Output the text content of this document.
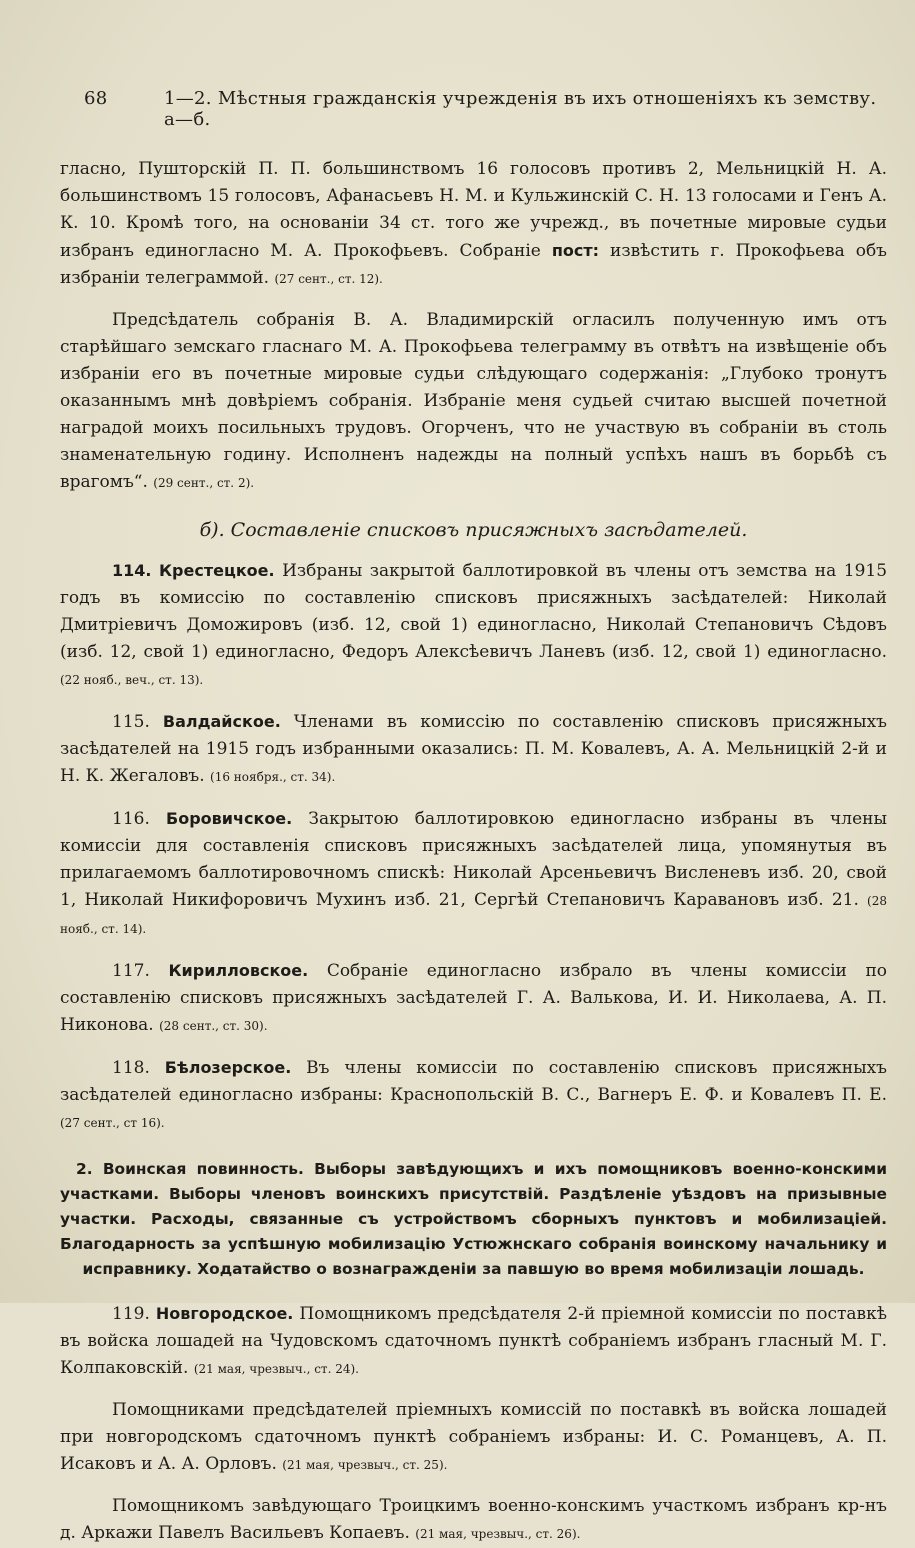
68	1—2. Мѣстныя гражданскія учрежденія въ ихъ отношеніяхъ къ земству. а—б.

гласно, Пушторскій П. П. большинствомъ 16 голосовъ противъ 2, Мельницкій Н. А. большинствомъ 15 голосовъ, Афанасьевъ Н. М. и Кульжинскій С. Н. 13 голосами и Генъ А. К. 10. Кромѣ того, на основаніи 34 ст. того же учрежд., въ почетные мировые судьи избранъ единогласно М. А. Прокофьевъ. Собраніе пост: извѣстить г. Прокофьева объ избраніи телеграммой. (27 сент., ст. 12).

Предсѣдатель собранія В. А. Владимирскій огласилъ полученную имъ отъ старѣйшаго земскаго гласнаго М. А. Прокофьева телеграмму въ отвѣтъ на извѣщеніе объ избраніи его въ почетные мировые судьи слѣдующаго содержанія: „Глубоко тронутъ оказаннымъ мнѣ довѣріемъ собранія. Избраніе меня судьей считаю высшей почетной наградой моихъ посильныхъ трудовъ. Огорченъ, что не участвую въ собраніи въ столь знаменательную годину. Исполненъ надежды на полный успѣхъ нашъ въ борьбѣ съ врагомъ“. (29 сент., ст. 2).

б). Составленіе списковъ присяжныхъ засѣдателей.

114. Крестецкое. Избраны закрытой баллотировкой въ члены отъ земства на 1915 годъ въ комиссію по составленію списковъ присяжныхъ засѣдателей: Николай Дмитріевичъ Доможировъ (изб. 12, свой 1) единогласно, Николай Степановичъ Сѣдовъ (изб. 12, свой 1) единогласно, Федоръ Алексѣевичъ Ланевъ (изб. 12, свой 1) единогласно. (22 нояб., веч., ст. 13).

115. Валдайское. Членами въ комиссію по составленію списковъ присяжныхъ засѣдателей на 1915 годъ избранными оказались: П. М. Ковалевъ, А. А. Мельницкій 2-й и Н. К. Жегаловъ. (16 ноября., ст. 34).

116. Боровичское. Закрытою баллотировкою единогласно избраны въ члены комиссіи для составленія списковъ присяжныхъ засѣдателей лица, упомянутыя въ прилагаемомъ баллотировочномъ спискѣ: Николай Арсеньевичъ Висленевъ изб. 20, свой 1, Николай Никифоровичъ Мухинъ изб. 21, Сергѣй Степановичъ Каравановъ изб. 21. (28 нояб., ст. 14).

117. Кирилловское. Собраніе единогласно избрало въ члены комиссіи по составленію списковъ присяжныхъ засѣдателей Г. А. Валькова, И. И. Николаева, А. П. Никонова. (28 сент., ст. 30).

118. Бѣлозерское. Въ члены комиссіи по составленію списковъ присяжныхъ засѣдателей единогласно избраны: Краснопольскій В. С., Вагнеръ Е. Ф. и Ковалевъ П. Е. (27 сент., ст 16).

2. Воинская повинность. Выборы завѣдующихъ и ихъ помощниковъ военно-конскими участками. Выборы членовъ воинскихъ присутствій. Раздѣленіе уѣздовъ на призывные участки. Расходы, связанные съ устройствомъ сборныхъ пунктовъ и мобилизаціей. Благодарность за успѣшную мобилизацію Устюжнскаго собранія воинскому начальнику и исправнику. Ходатайство о вознагражденіи за павшую во время мобилизаціи лошадь.

119. Новгородское. Помощникомъ предсѣдателя 2-й пріемной комиссіи по поставкѣ въ войска лошадей на Чудовскомъ сдаточномъ пунктѣ собраніемъ избранъ гласный М. Г. Колпаковскій. (21 мая, чрезвыч., ст. 24).

Помощниками предсѣдателей пріемныхъ комиссій по поставкѣ въ войска лошадей при новгородскомъ сдаточномъ пунктѣ собраніемъ избраны: И. С. Романцевъ, А. П. Исаковъ и А. А. Орловъ. (21 мая, чрезвыч., ст. 25).

Помощникомъ завѣдующаго Троицкимъ военно-конскимъ участкомъ избранъ кр-нъ д. Аркажи Павелъ Васильевъ Копаевъ. (21 мая, чрезвыч., ст. 26).
